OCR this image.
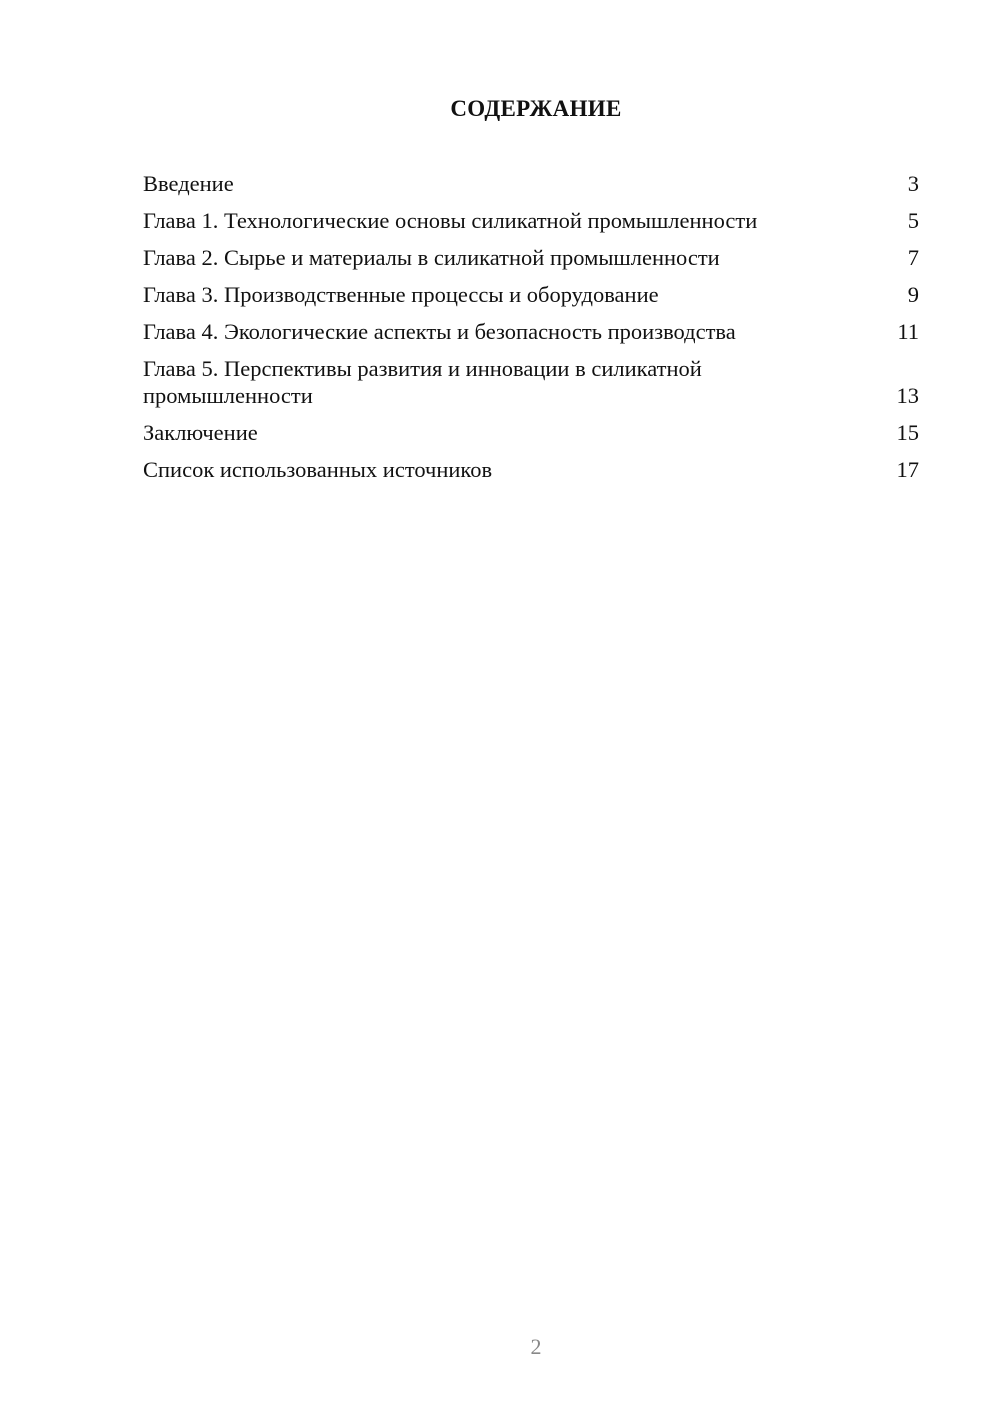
СОДЕРЖАНИЕ
Введение	3
Глава 1. Технологические основы силикатной промышленности	5
Глава 2. Сырье и материалы в силикатной промышленности	7
Глава 3. Производственные процессы и оборудование	9
Глава 4. Экологические аспекты и безопасность производства	11
Глава 5. Перспективы развития и инновации в силикатной промышленности	13
Заключение	15
Список использованных источников	17
2
